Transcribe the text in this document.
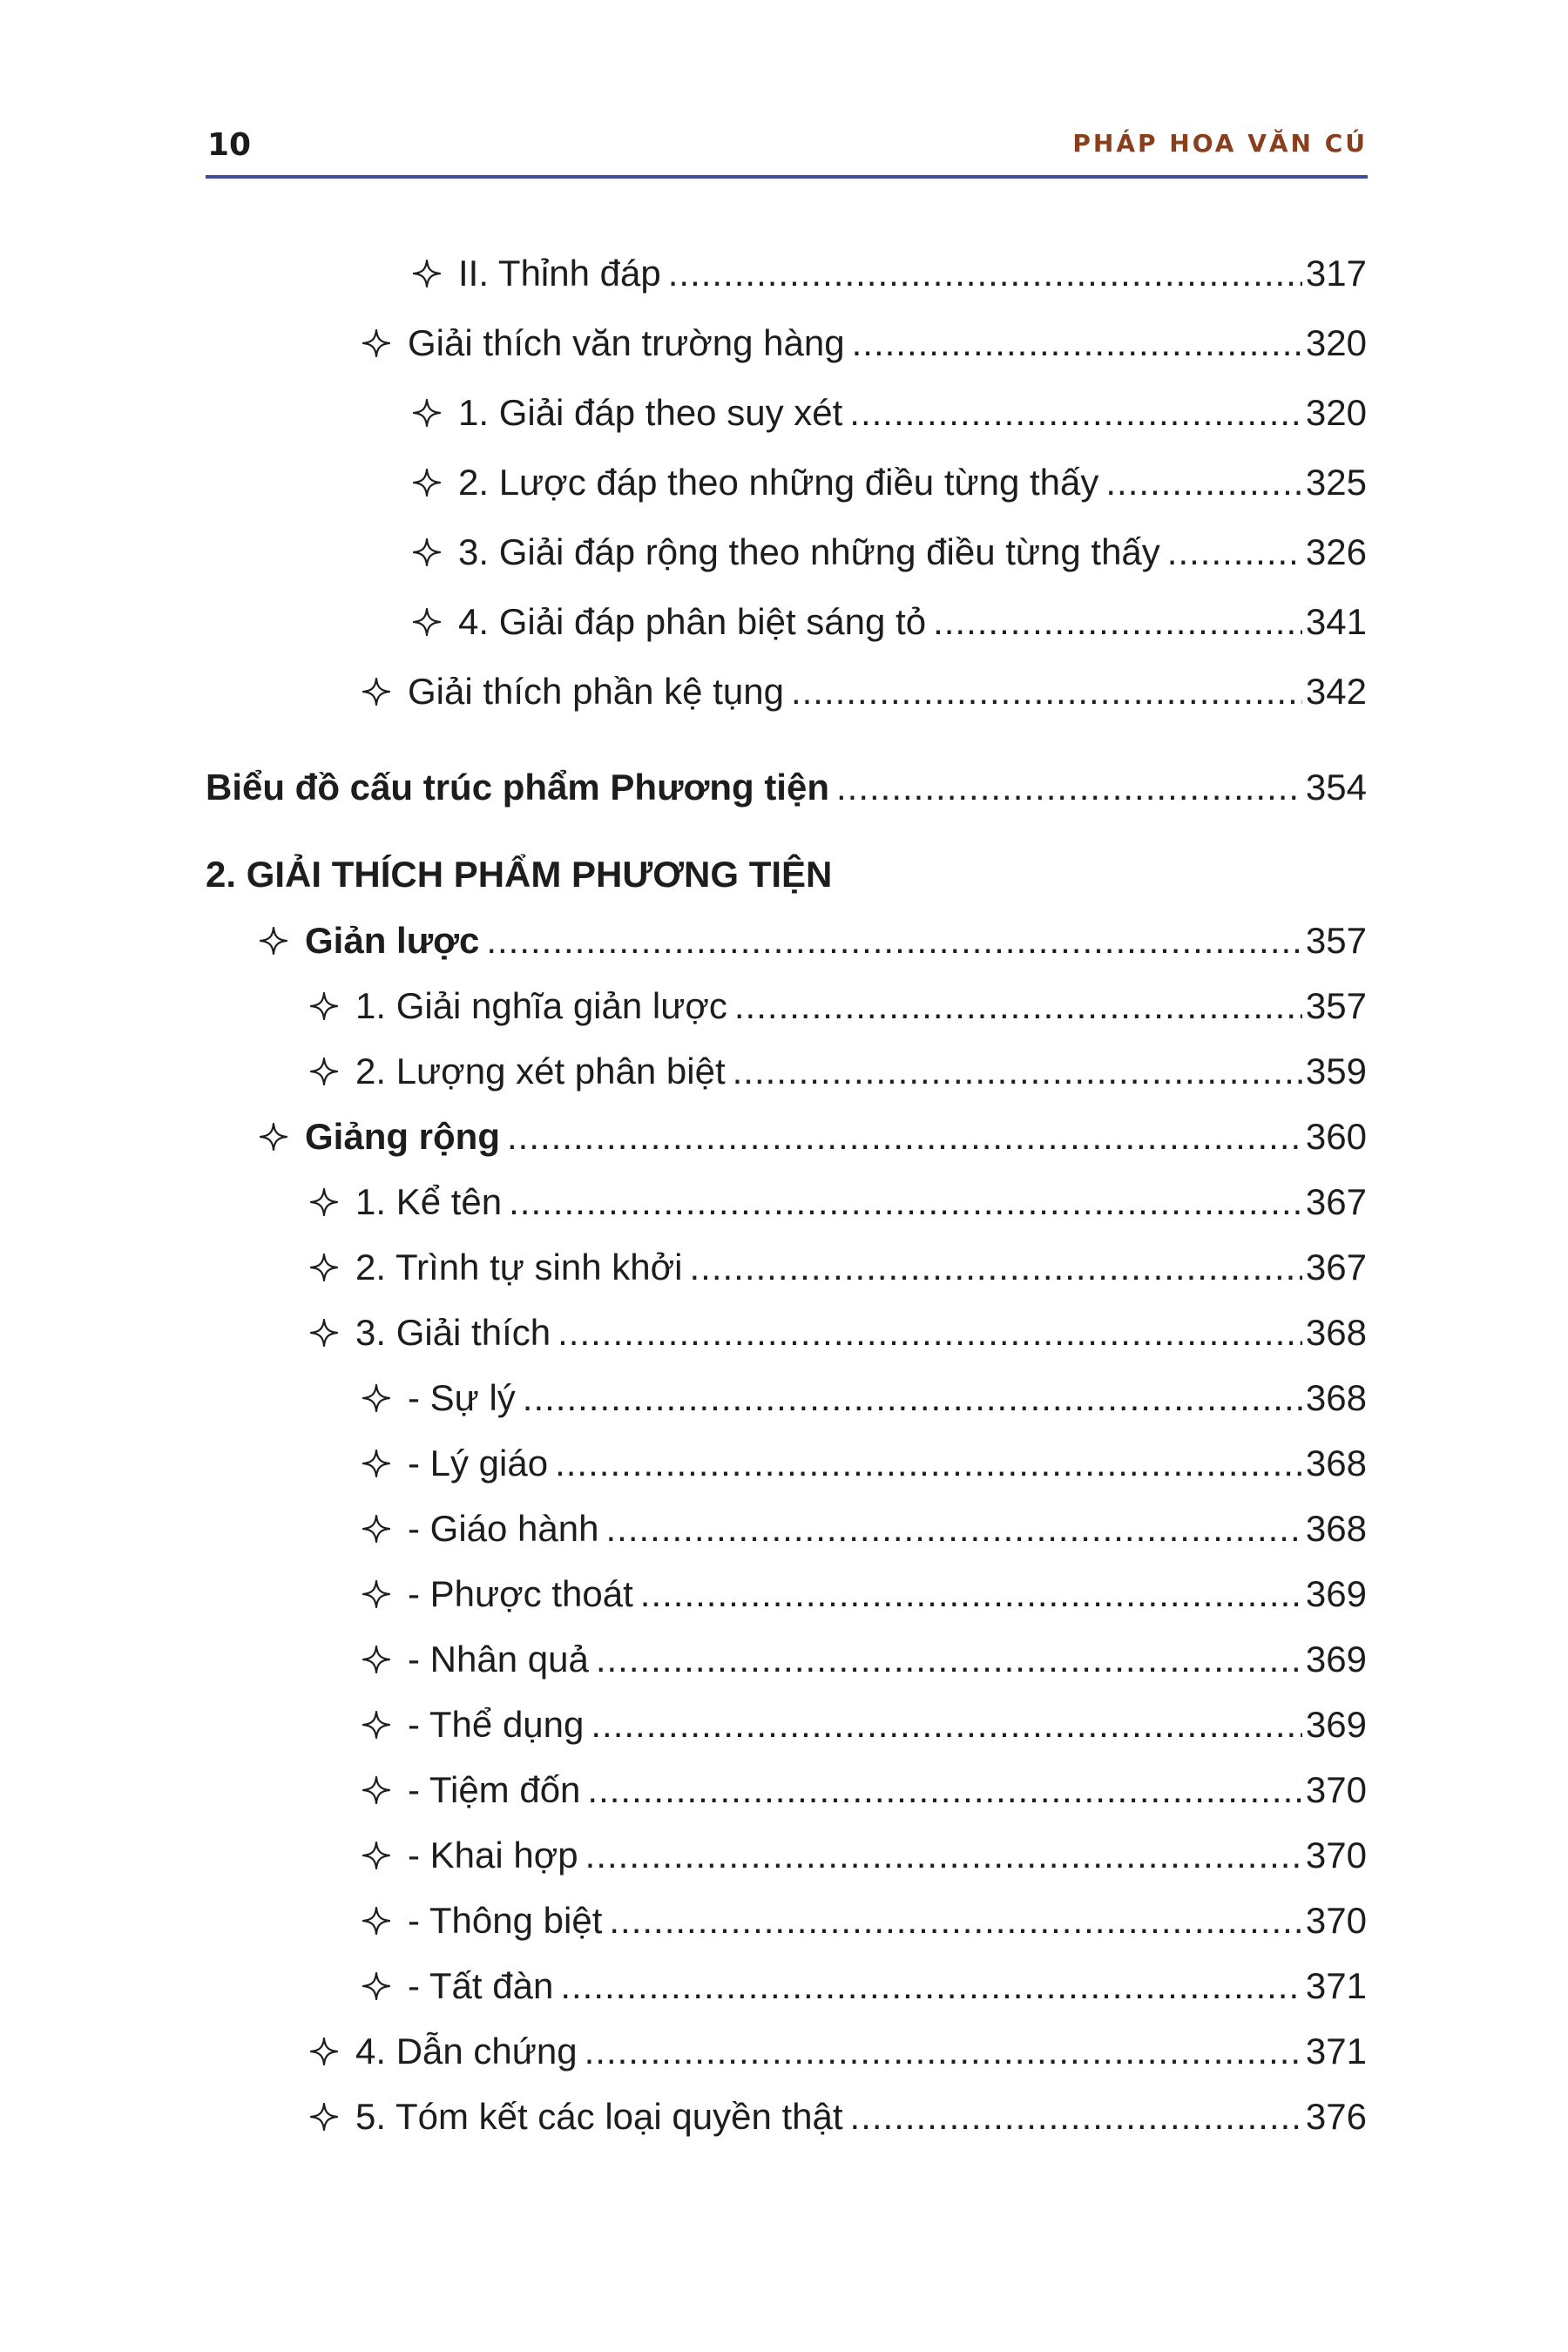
10	PHÁP HOA VĂN CÚ
II. Thỉnh đáp .....	317
Giải thích văn trường hàng .....	320
1. Giải đáp theo suy xét .....	320
2. Lược đáp theo những điều từng thấy .....	325
3. Giải đáp rộng theo những điều từng thấy .....	326
4. Giải đáp phân biệt sáng tỏ .....	341
Giải thích phần kệ tụng .....	342
Biểu đồ cấu trúc phẩm Phương tiện .....	354
2. GIẢI THÍCH PHẨM PHƯƠNG TIỆN
Giản lược .....	357
1. Giải nghĩa giản lược .....	357
2. Lượng xét phân biệt .....	359
Giảng rộng .....	360
1. Kể tên .....	367
2. Trình tự sinh khởi .....	367
3. Giải thích .....	368
- Sự lý .....	368
- Lý giáo .....	368
- Giáo hành .....	368
- Phược thoát .....	369
- Nhân quả .....	369
- Thể dụng .....	369
- Tiệm đốn .....	370
- Khai hợp .....	370
- Thông biệt .....	370
- Tất đàn .....	371
4. Dẫn chứng .....	371
5. Tóm kết các loại quyền thật .....	376
